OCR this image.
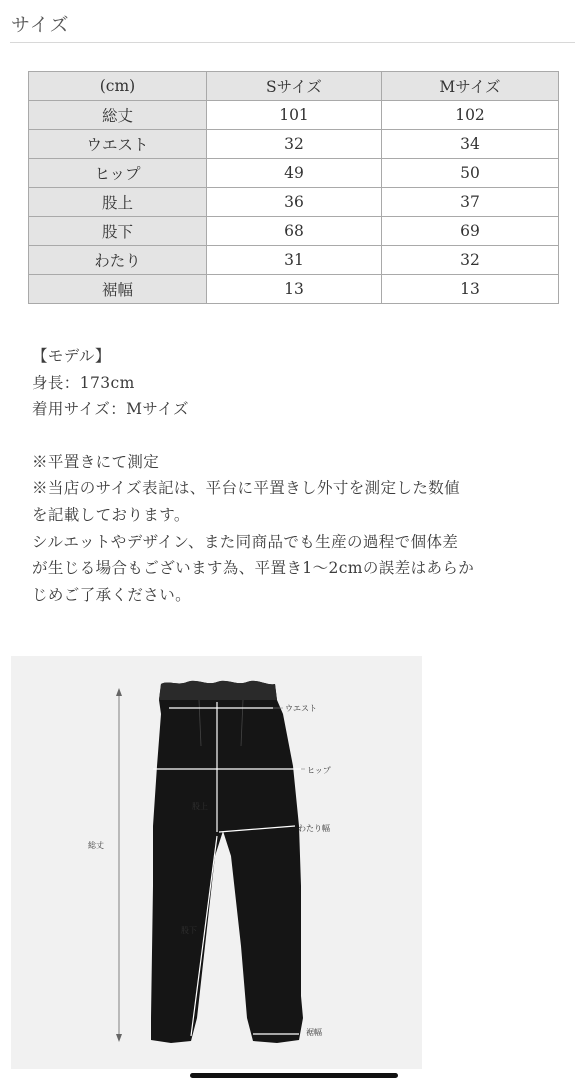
サイズ
(cm)	Sサイズ	Mサイズ
総丈	101	102
ウエスト	32	34
ヒップ	49	50
股上	36	37
股下	68	69
わたり	31	32
裾幅	13	13

【モデル】

身長：173cm

着用サイズ：Mサイズ

※平置きにて測定

※当店のサイズ表記は、平台に平置きし外寸を測定した数値

を記載しております。

シルエットやデザイン、また同商品でも生産の過程で個体差

が生じる場合もございます為、平置き1〜2cmの誤差はあらか

じめご了承ください。

ウエスト
ヒップ
股上
わたり幅
総丈
股下
裾幅
